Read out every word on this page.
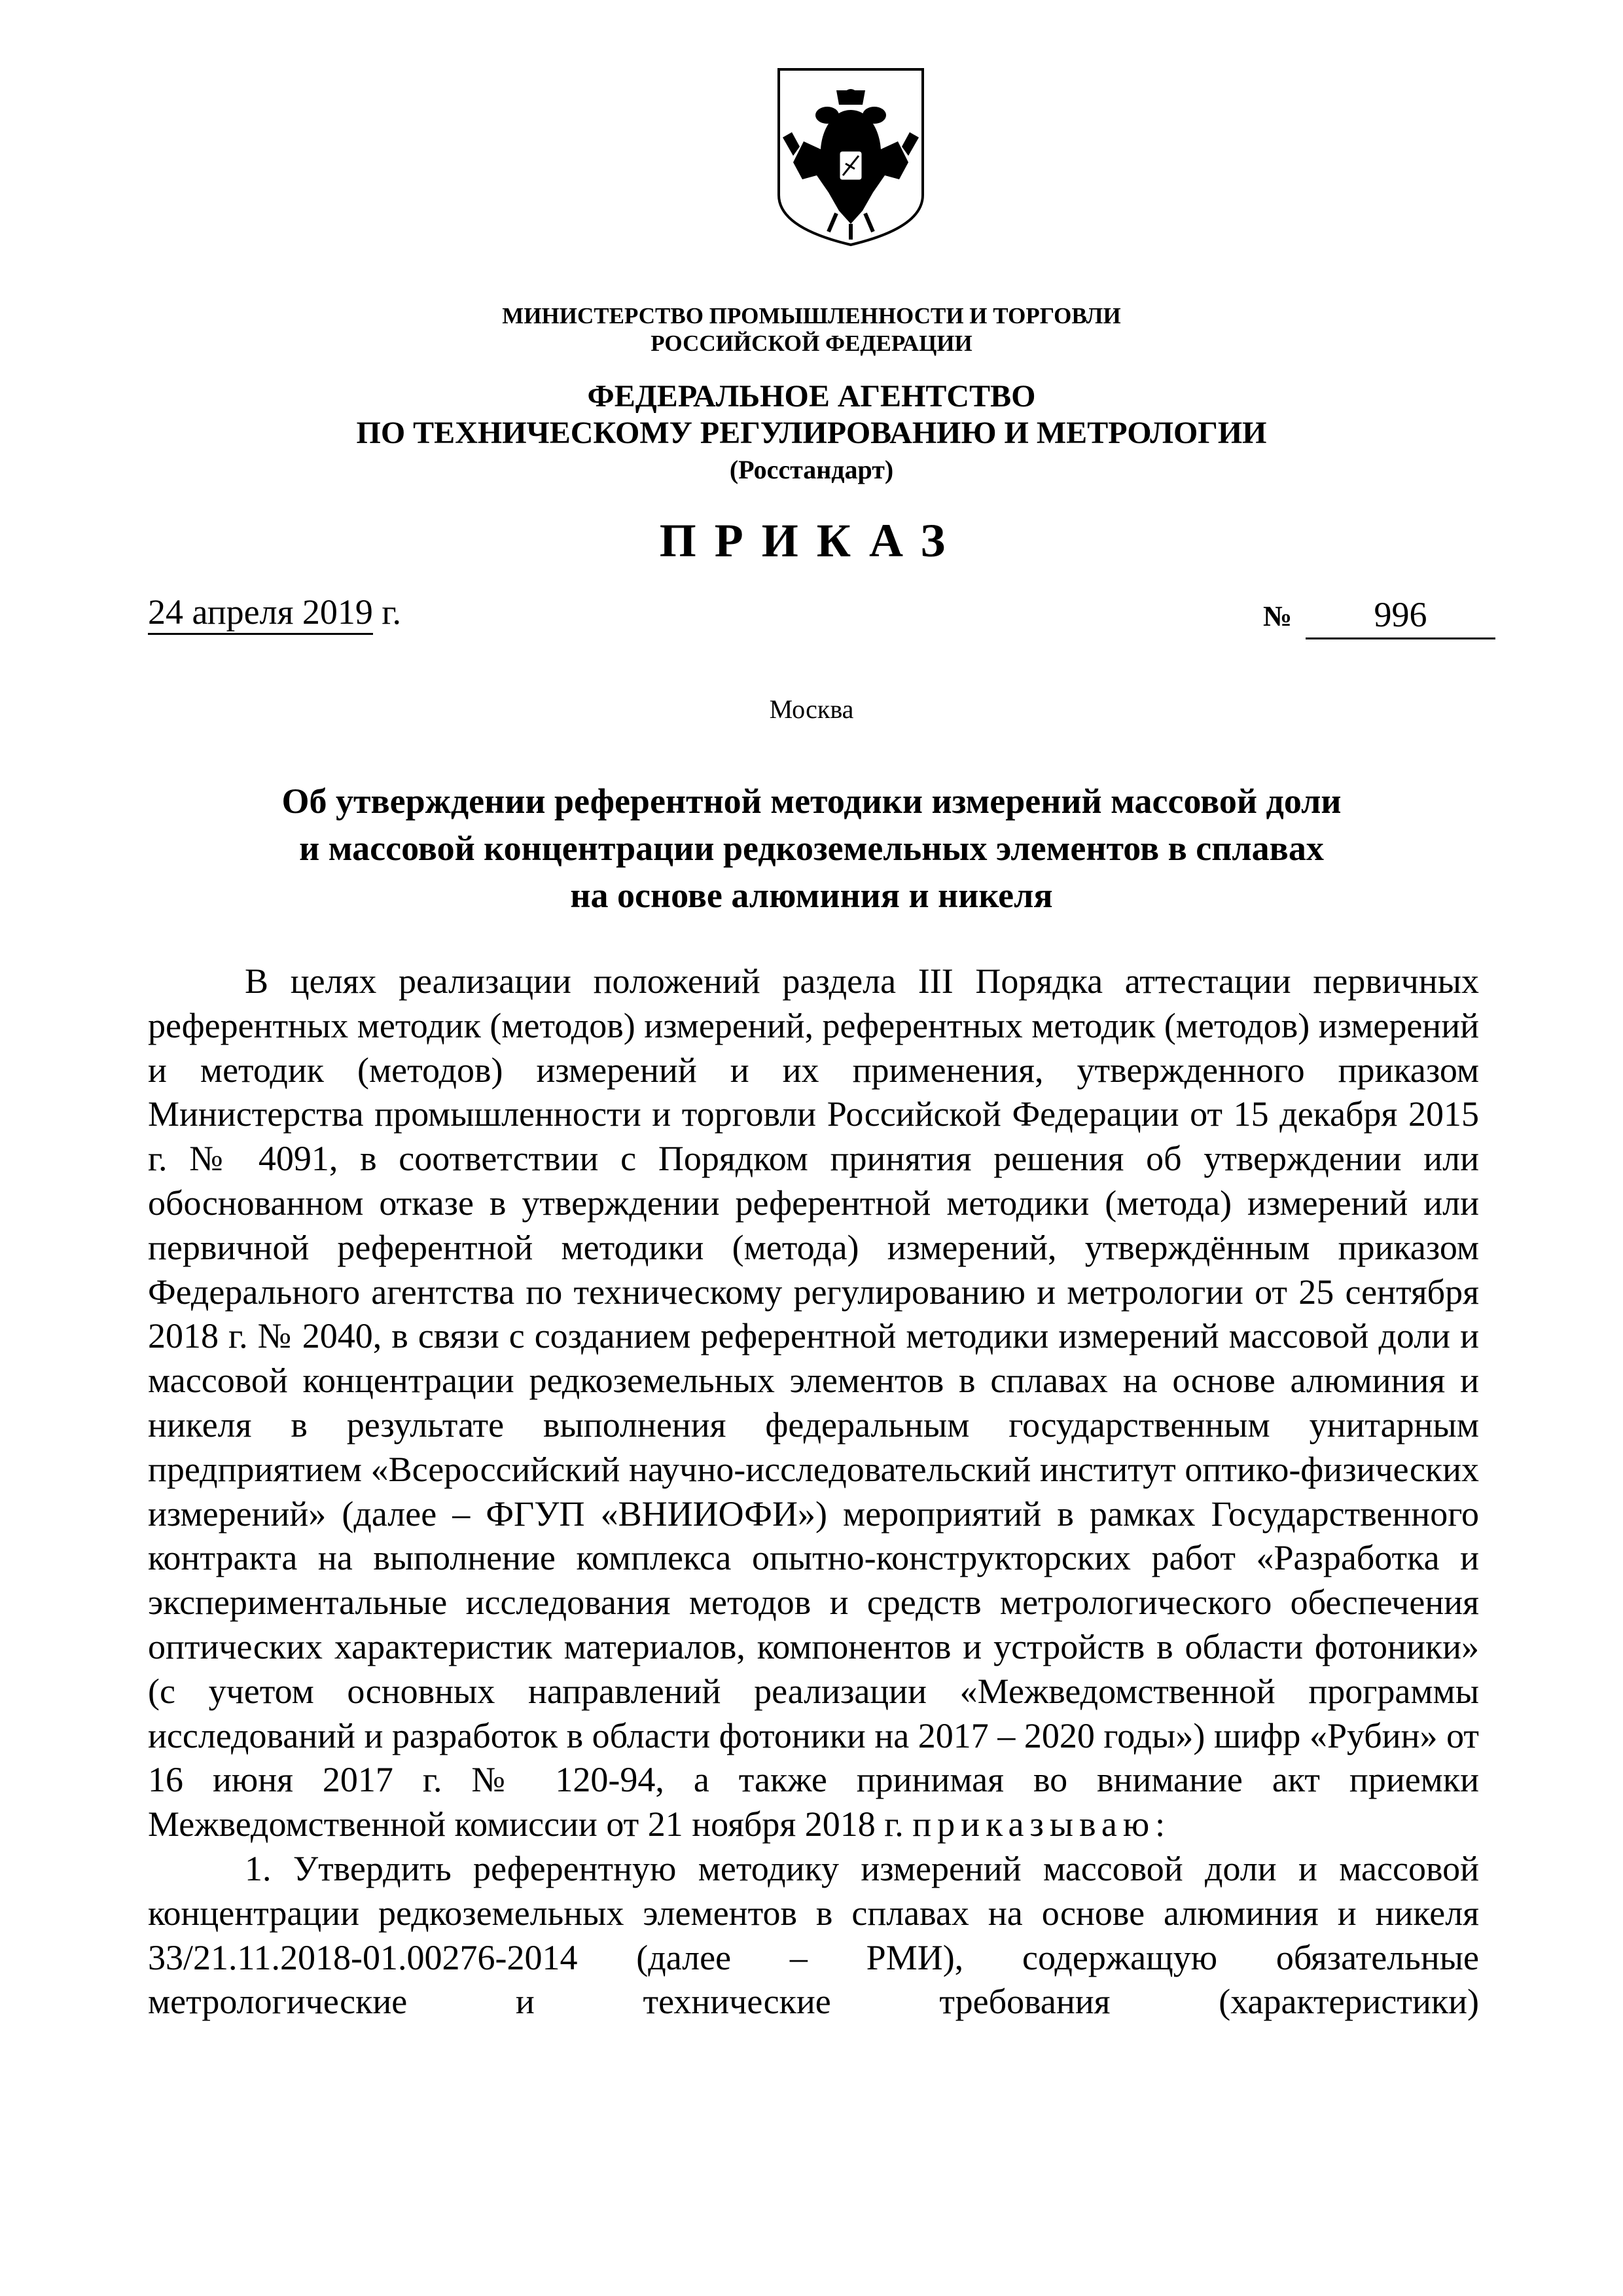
МИНИСТЕРСТВО ПРОМЫШЛЕННОСТИ И ТОРГОВЛИ
РОССИЙСКОЙ ФЕДЕРАЦИИ
ФЕДЕРАЛЬНОЕ АГЕНТСТВО
ПО ТЕХНИЧЕСКОМУ РЕГУЛИРОВАНИЮ И МЕТРОЛОГИИ
(Росстандарт)
ПРИКАЗ
24 апреля 2019 г.	№	996
Москва
Об утверждении референтной методики измерений массовой доли
и массовой концентрации редкоземельных элементов в сплавах
на основе алюминия и никеля

В целях реализации положений раздела III Порядка аттестации первичных референтных методик (методов) измерений, референтных методик (методов) измерений и методик (методов) измерений и их применения, утвержденного приказом Министерства промышленности и торговли Российской Федерации от 15 декабря 2015 г. № 4091, в соответствии с Порядком принятия решения об утверждении или обоснованном отказе в утверждении референтной методики (метода) измерений или первичной референтной методики (метода) измерений, утверждённым приказом Федерального агентства по техническому регулированию и метрологии от 25 сентября 2018 г. № 2040, в связи с созданием референтной методики измерений массовой доли и массовой концентрации редкоземельных элементов в сплавах на основе алюминия и никеля в результате выполнения федеральным государственным унитарным предприятием «Всероссийский научно-исследовательский институт оптико-физических измерений» (далее – ФГУП «ВНИИОФИ») мероприятий в рамках Государственного контракта на выполнение комплекса опытно-конструкторских работ «Разработка и экспериментальные исследования методов и средств метрологического обеспечения оптических характеристик материалов, компонентов и устройств в области фотоники» (с учетом основных направлений реализации «Межведомственной программы исследований и разработок в области фотоники на 2017 – 2020 годы») шифр «Рубин» от 16 июня 2017 г. № 120-94, а также принимая во внимание акт приемки Межведомственной комиссии от 21 ноября 2018 г. приказываю:

1. Утвердить референтную методику измерений массовой доли и массовой концентрации редкоземельных элементов в сплавах на основе алюминия и никеля 33/21.11.2018-01.00276-2014 (далее – РМИ), содержащую обязательные метрологические и технические требования (характеристики)
